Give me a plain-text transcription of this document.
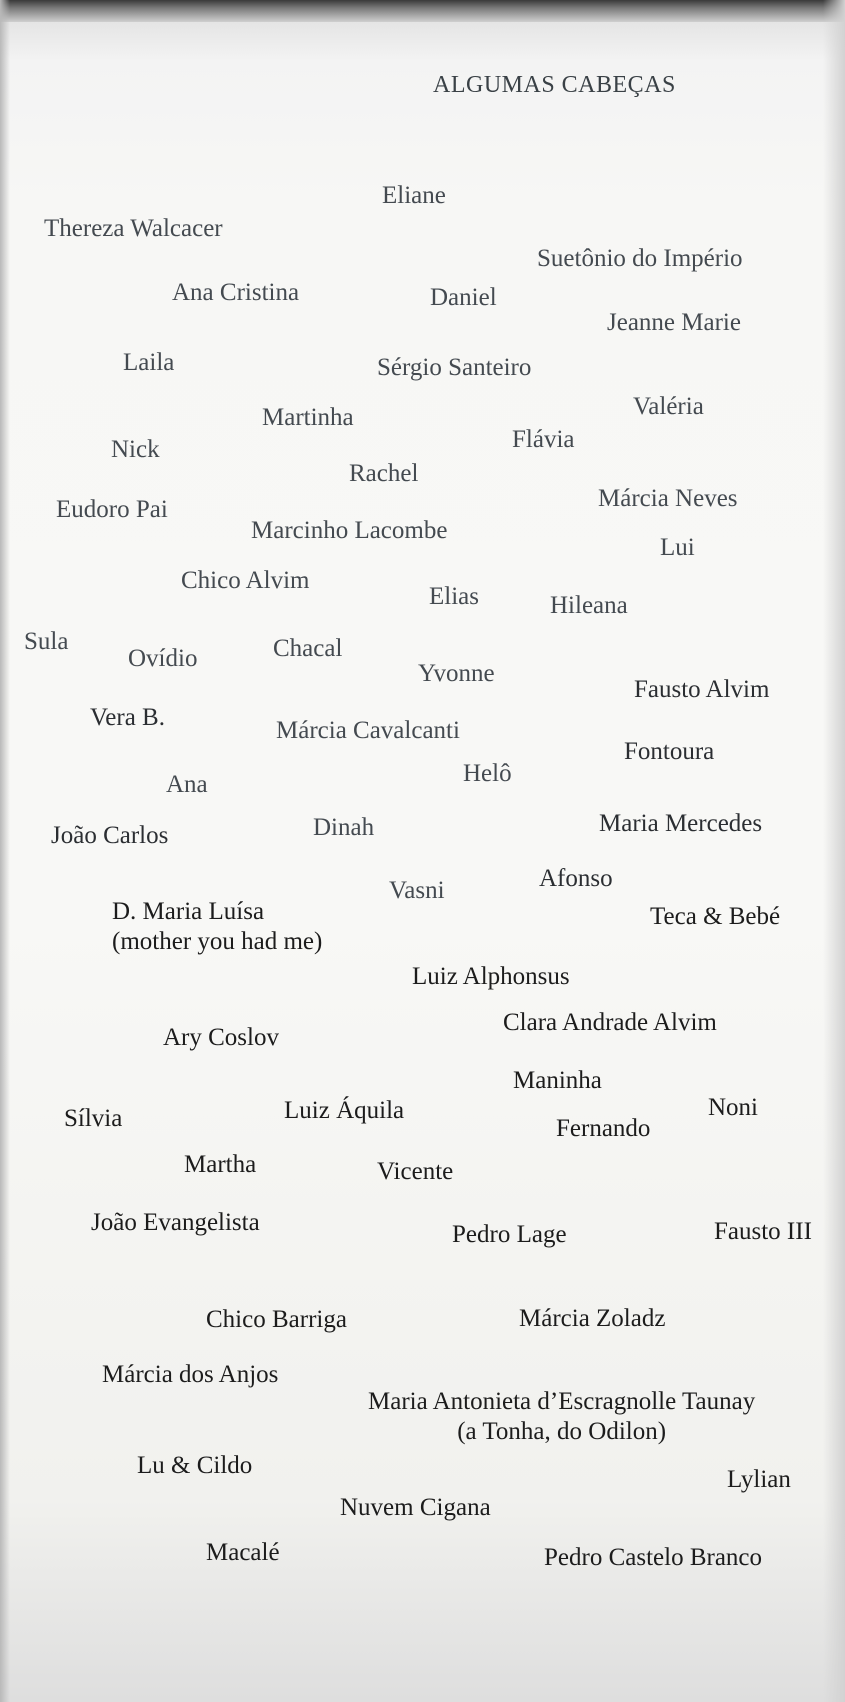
ALGUMAS CABEÇAS
Eliane
Thereza Walcacer
Suetônio do Império
Ana Cristina	Daniel
Jeanne Marie
Laila	Sérgio Santeiro
Martinha	Valéria
Nick	Flávia
Rachel
Eudoro Pai	Márcia Neves
Marcinho Lacombe
Lui
Chico Alvim
Elias	Hileana
Sula
Ovídio	Chacal
Yvonne
Fausto Alvim
Vera B.	Márcia Cavalcanti
Fontoura
Ana	Helô
João Carlos	Dinah	Maria Mercedes
Afonso
Vasni
D. Maria Luísa
(mother you had me)
Teca & Bebé
Luiz Alphonsus
Clara Andrade Alvim
Ary Coslov
Maninha
Sílvia	Luiz Áquila	Noni
Fernando
Martha	Vicente
João Evangelista	Pedro Lage	Fausto III
Chico Barriga	Márcia Zoladz
Márcia dos Anjos
Maria Antonieta d’Escragnolle Taunay
(a Tonha, do Odilon)
Lu & Cildo
Lylian
Nuvem Cigana
Macalé	Pedro Castelo Branco
